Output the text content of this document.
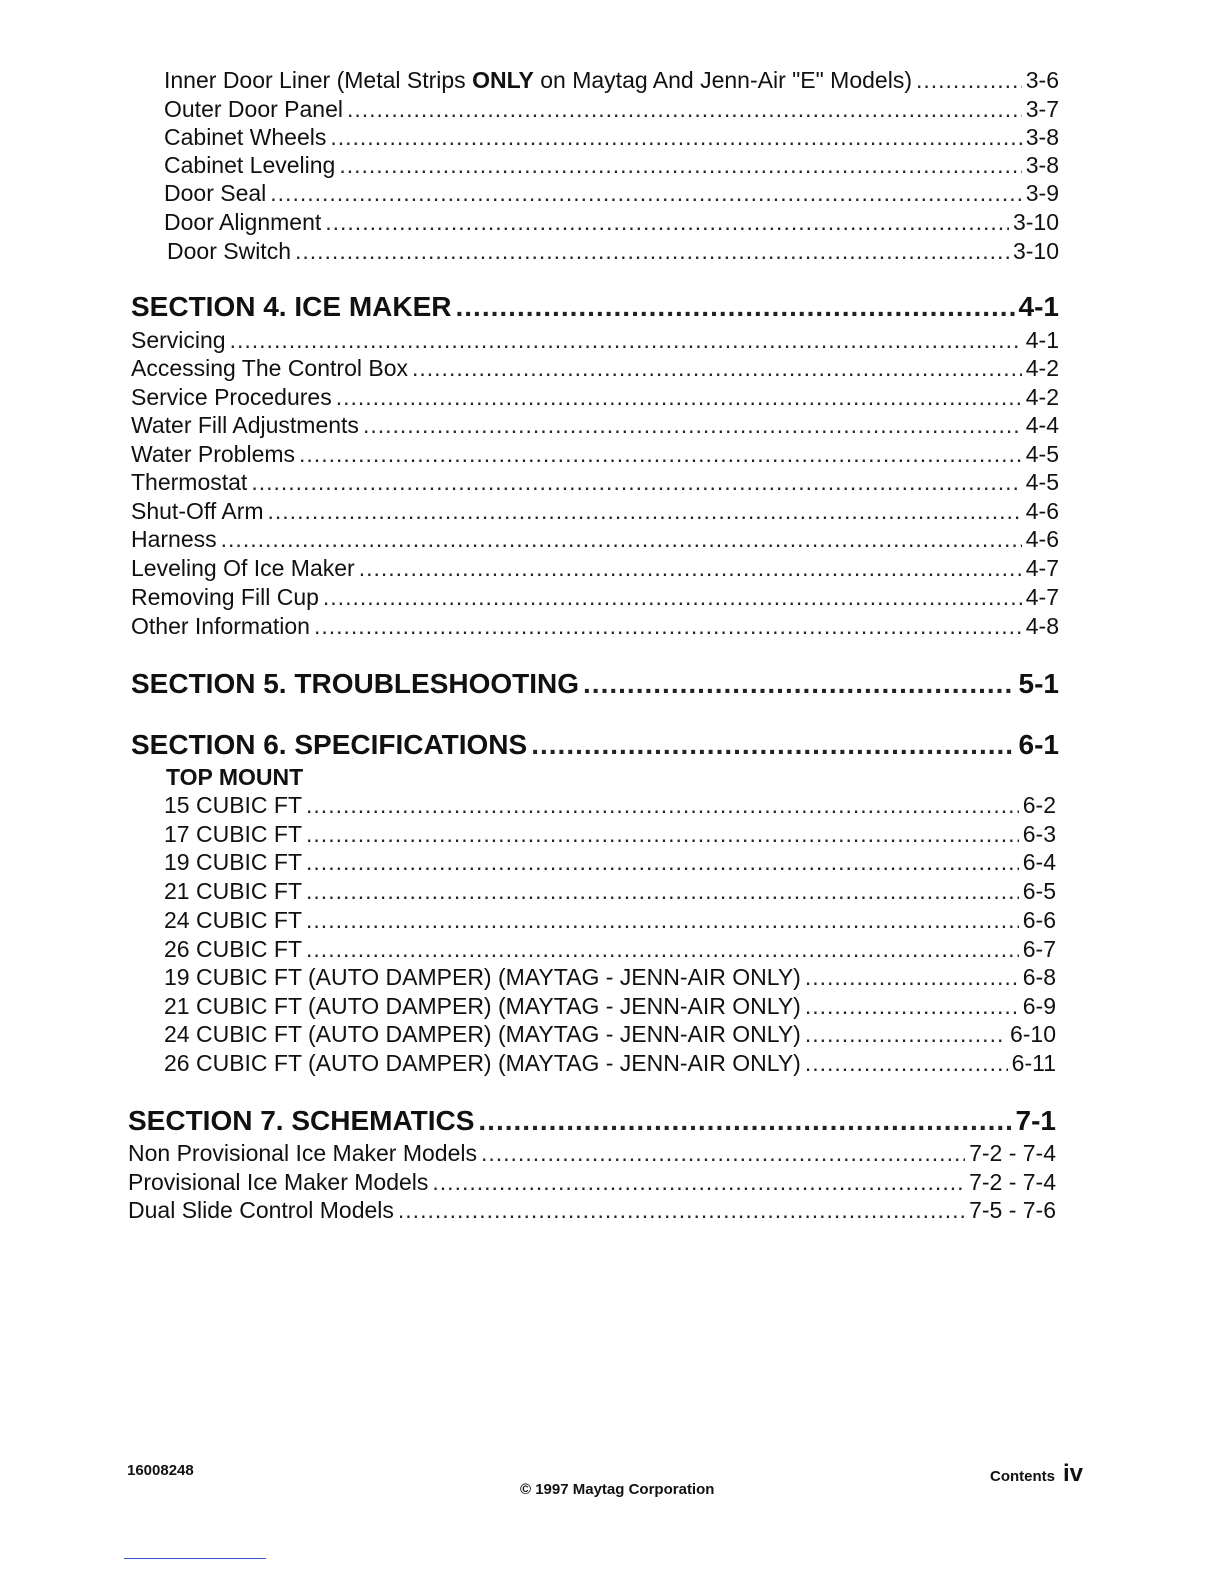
Inner Door Liner (Metal Strips ONLY on Maytag And Jenn-Air "E" Models) .....	3-6
Outer Door Panel .....	3-7
Cabinet Wheels .....	3-8
Cabinet Leveling .....	3-8
Door Seal .....	3-9
Door Alignment .....	3-10
Door Switch .....	3-10
SECTION 4. ICE MAKER .....	4-1
Servicing .....	4-1
Accessing The Control Box .....	4-2
Service Procedures .....	4-2
Water Fill Adjustments .....	4-4
Water Problems .....	4-5
Thermostat .....	4-5
Shut-Off Arm .....	4-6
Harness .....	4-6
Leveling Of Ice Maker .....	4-7
Removing Fill Cup .....	4-7
Other Information .....	4-8
SECTION 5. TROUBLESHOOTING .....	5-1
SECTION 6. SPECIFICATIONS .....	6-1
TOP MOUNT
15 CUBIC FT .....	6-2
17 CUBIC FT .....	6-3
19 CUBIC FT .....	6-4
21 CUBIC FT .....	6-5
24 CUBIC FT .....	6-6
26 CUBIC FT .....	6-7
19 CUBIC FT (AUTO DAMPER) (MAYTAG - JENN-AIR ONLY) .....	6-8
21 CUBIC FT (AUTO DAMPER) (MAYTAG - JENN-AIR ONLY) .....	6-9
24 CUBIC FT (AUTO DAMPER) (MAYTAG - JENN-AIR ONLY) .....	6-10
26 CUBIC FT (AUTO DAMPER) (MAYTAG - JENN-AIR ONLY) .....	6-11
SECTION 7. SCHEMATICS .....	7-1
Non Provisional Ice Maker Models .....	7-2 - 7-4
Provisional Ice Maker Models .....	7-2 - 7-4
Dual Slide Control Models .....	7-5 - 7-6
16008248
© 1997 Maytag Corporation
Contents iv
